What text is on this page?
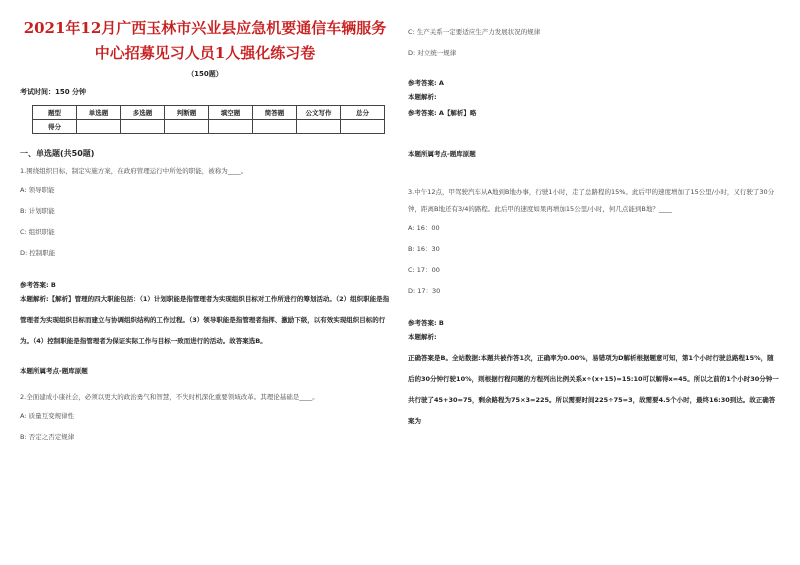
2021年12月广西玉林市兴业县应急机要通信车辆服务中心招募见习人员1人强化练习卷
（150题）
考试时间：150 分钟
题型	单选题	多选题	判断题	填空题	简答题	公文写作	总分
得分							
一、单选题(共50题)
1.围绕组织目标，制定实施方案，在政府管理运行中所处的职能，被称为____。
A: 领导职能
B: 计划职能
C: 组织职能
D: 控制职能
参考答案: B
本题解析:【解析】管理的四大职能包括：（1）计划职能是指管理者为实现组织目标对工作所进行的筹划活动。（2）组织职能是指管理者为实现组织目标而建立与协调组织结构的工作过程。（3）领导职能是指管理者指挥、激励下级，以有效实现组织目标的行为。（4）控制职能是指管理者为保证实际工作与目标一致而进行的活动。故答案选B。
本题所属考点-题库原题
2.全面建成小康社会，必须以更大的政治勇气和智慧，不失时机深化重要领域改革。其理论基础是____。
A: 质量互变规律性
B: 否定之否定规律
C: 生产关系一定要适应生产力发展状况的规律
D: 对立统一规律
参考答案: A
本题解析:
参考答案: A【解析】略
本题所属考点-题库原题
3.中午12点，甲驾驶汽车从A地到B地办事，行驶1小时，走了总路程的15%。此后甲的速度增加了15公里/小时，又行驶了30分钟，距离B地还有3/4的路程。此后甲的速度如果再增加15公里/小时，何几点能到B地？____
A: 16：00
B: 16：30
C: 17：00
D: 17：30
参考答案: B
本题解析:
正确答案是B。全站数据:本题共被作答1次，正确率为0.00%，易错项为D解析根据题意可知，第1个小时行驶总路程15%，随后的30分钟行驶10%，则根据行程问题的方程列出比例关系x÷(x+15)=15:10可以解得x=45。所以之前的1个小时30分钟一共行驶了45+30=75，剩余路程为75×3=225。所以需要时间225÷75=3，故需要4.5个小时，最终16:30到达。故正确答案为
